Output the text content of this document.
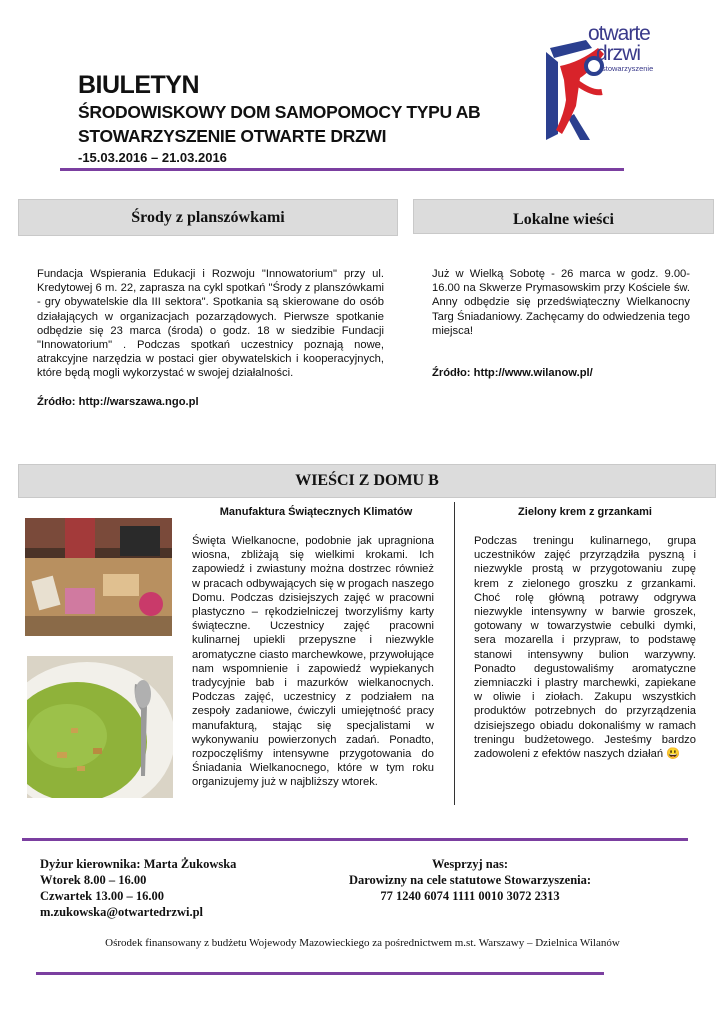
BIULETYN
ŚRODOWISKOWY DOM SAMOPOMOCY TYPU AB
STOWARZYSZENIE OTWARTE DRZWI
-15.03.2016 – 21.03.2016
otwarte
drzwi
stowarzyszenie
Środy z planszówkami	Lokalne wieści

Fundacja Wspierania Edukacji i Rozwoju "Innowatorium" przy ul. Kredytowej 6 m. 22, zaprasza na cykl spotkań "Środy z planszówkami - gry obywatelskie dla III sektora". Spotkania są skierowane do osób działających w organizacjach pozarządowych. Pierwsze spotkanie odbędzie się 23 marca (środa) o godz. 18 w siedzibie Fundacji "Innowatorium" . Podczas spotkań uczestnicy poznają nowe, atrakcyjne narzędzia w postaci gier obywatelskich i kooperacyjnych, które będą mogli wykorzystać w swojej działalności.

Źródło: http://warszawa.ngo.pl

Już w Wielką Sobotę - 26 marca w godz. 9.00-16.00 na Skwerze Prymasowskim przy Kościele św. Anny odbędzie się przedświąteczny Wielkanocny Targ Śniadaniowy. Zachęcamy do odwiedzenia tego miejsca!

Źródło: http://www.wilanow.pl/

WIEŚCI Z DOMU B
Manufaktura Świątecznych Klimatów

Święta Wielkanocne, podobnie jak upragniona wiosna, zbliżają się wielkimi krokami. Ich zapowiedź i zwiastuny można dostrzec również w pracach odbywających się w progach naszego Domu. Podczas dzisiejszych zajęć w pracowni plastyczno – rękodzielniczej tworzyliśmy karty świąteczne. Uczestnicy zajęć pracowni kulinarnej upiekli przepyszne i niezwykle aromatyczne ciasto marchewkowe, przywołujące nam wspomnienie i zapowiedź wypiekanych tradycyjnie bab i mazurków wielkanocnych. Podczas zajęć, uczestnicy z podziałem na zespoły zadaniowe, ćwiczyli umiejętność pracy manufakturą, stając się specjalistami w wykonywaniu powierzonych zadań. Ponadto, rozpoczęliśmy intensywne przygotowania do Śniadania Wielkanocnego, które w tym roku organizujemy już w najbliższy wtorek.

Zielony krem z grzankami

Podczas treningu kulinarnego, grupa uczestników zajęć przyrządziła pyszną i niezwykle prostą w przygotowaniu zupę krem z zielonego groszku z grzankami. Choć rolę główną potrawy odgrywa niezwykle intensywny w barwie groszek, gotowany w towarzystwie cebulki dymki, sera mozarella i przypraw, to podstawę stanowi intensywny bulion warzywny. Ponadto degustowaliśmy aromatyczne ziemniaczki i plastry marchewki, zapiekane w oliwie i ziołach. Zakupu wszystkich produktów potrzebnych do przyrządzenia dzisiejszego obiadu dokonaliśmy w ramach treningu budżetowego. Jesteśmy bardzo zadowoleni z efektów naszych działań 😃

Dyżur kierownika: Marta Żukowska
Wtorek 8.00 – 16.00
Czwartek 13.00 – 16.00
m.zukowska@otwartedrzwi.pl
Wesprzyj nas:
Darowizny na cele statutowe Stowarzyszenia:
77 1240 6074 1111 0010 3072 2313
Ośrodek finansowany z budżetu Wojewody Mazowieckiego za pośrednictwem m.st. Warszawy – Dzielnica Wilanów
